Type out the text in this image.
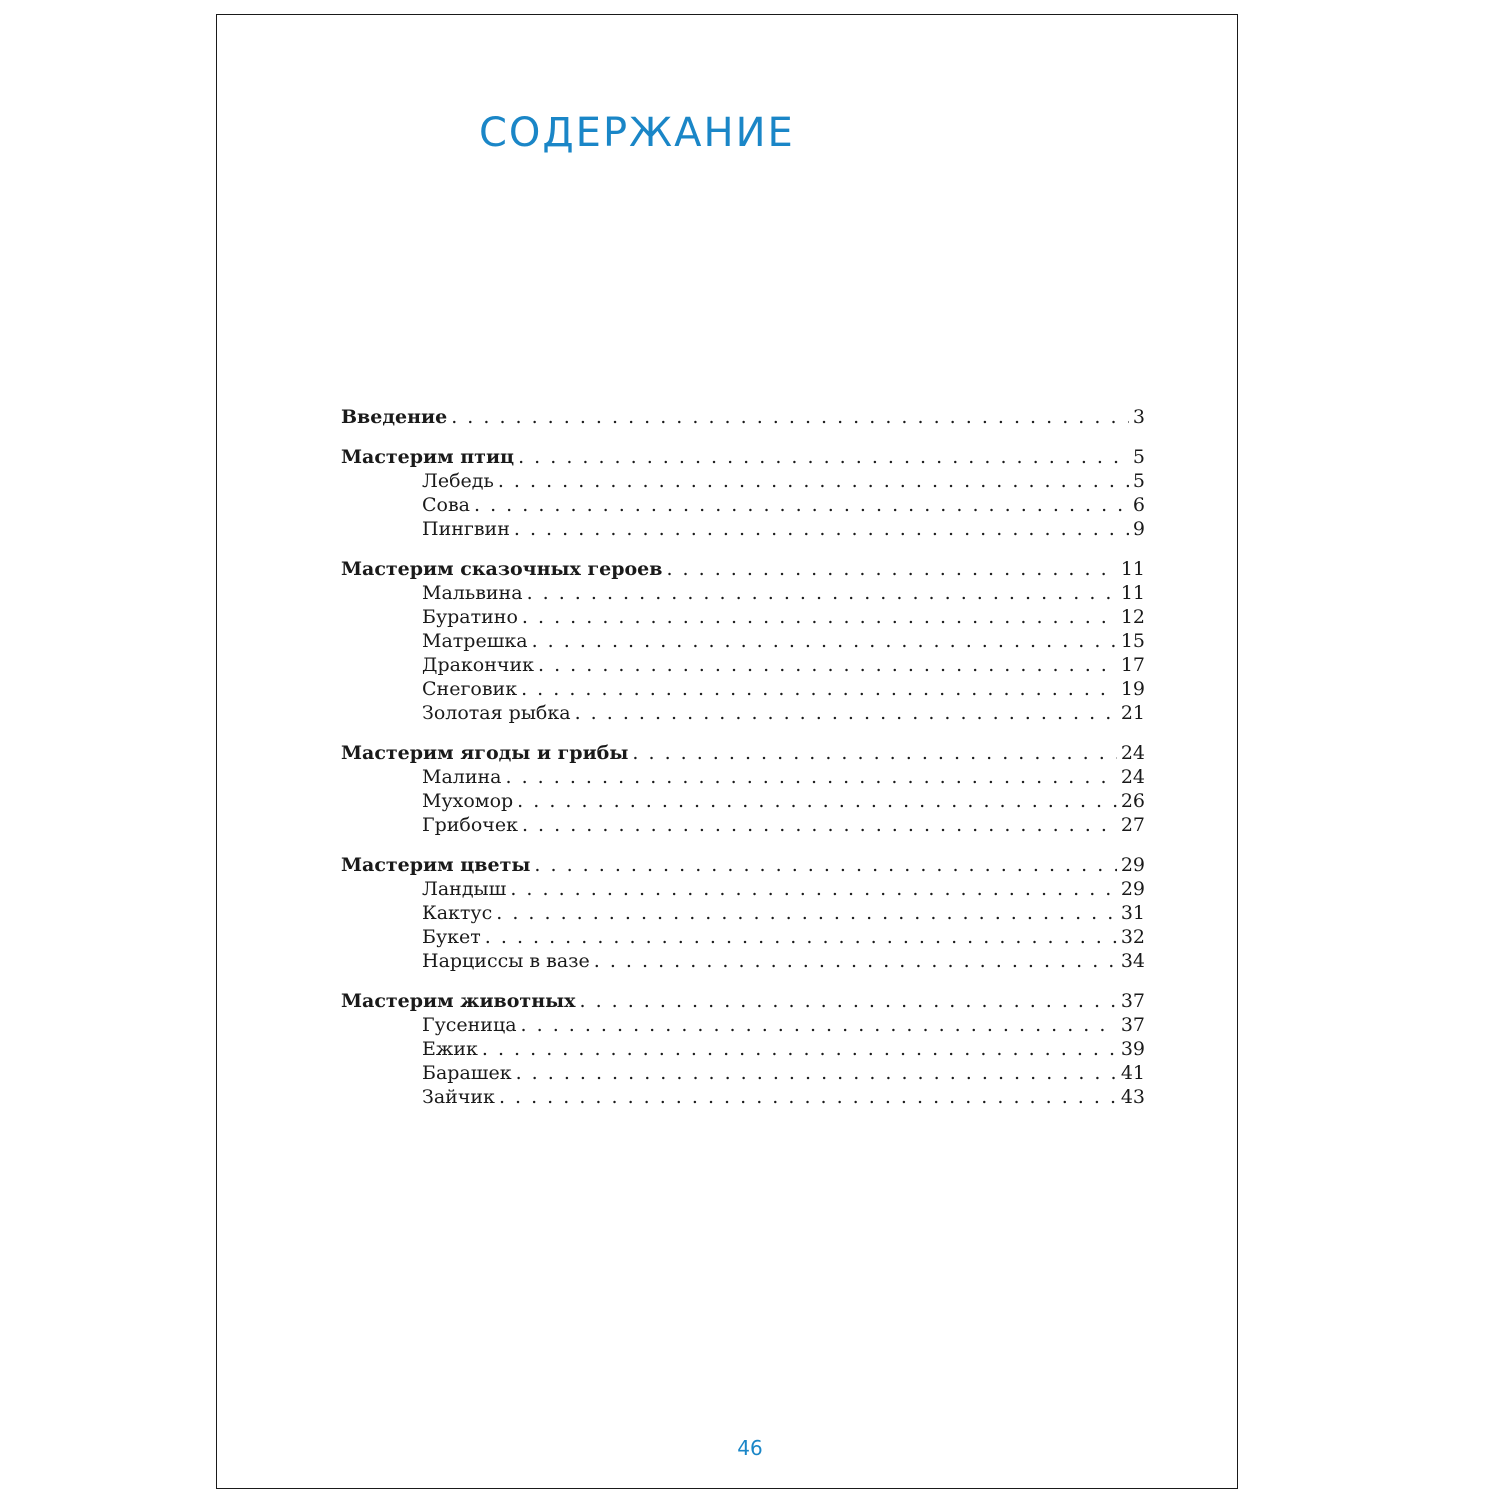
СОДЕРЖАНИЕ
Введение . . .	3
Мастерим птиц . . .	5
Лебедь . . .	5
Сова . . .	6
Пингвин . . .	9
Мастерим сказочных героев . . .	11
Мальвина . . .	11
Буратино . . .	12
Матрешка . . .	15
Дракончик . . .	17
Снеговик . . .	19
Золотая рыбка . . .	21
Мастерим ягоды и грибы . . .	24
Малина . . .	24
Мухомор . . .	26
Грибочек . . .	27
Мастерим цветы . . .	29
Ландыш . . .	29
Кактус . . .	31
Букет . . .	32
Нарциссы в вазе . . .	34
Мастерим животных . . .	37
Гусеница . . .	37
Ежик . . .	39
Барашек . . .	41
Зайчик . . .	43
46
